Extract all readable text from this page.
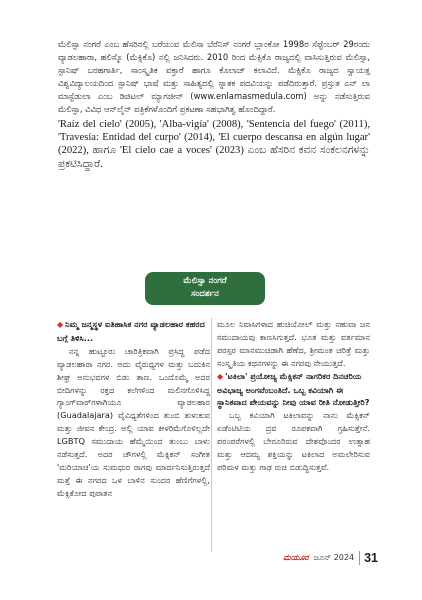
ಮೆಲಿಸ್ಸಾ ನಂಗರೆ ಎಂಬ ಹೆಸರಿನಲ್ಲಿ ಬರೆಯುವ ಮೆಲಿಸಾ ಬೆರೆನಿಸ್ ನಂಗರೆ ಬ್ಲಾಂಕೋ 1998ರ ಸೆಪ್ಟೆಂಬರ್ 29ರಂದು ವ್ಯಾಡಲಹಾರಾ, ಹಲಿಸ್ಕೊ (ಮೆಕ್ಸಿಕೊ) ನಲ್ಲಿ ಜನಿಸಿದರು. 2010 ರಿಂದ ಮೆಕ್ಸಿಕೊ ರಾಜ್ಯದಲ್ಲಿ ವಾಸಿಸುತ್ತಿರುವ ಮೆಲಿಸ್ಸಾ, ಸ್ಪಾನಿಷ್ ಬರಹಗಾರ್ತಿ, ಸಾಂಸ್ಕೃತಿಕ ವಕ್ತಾರೆ ಹಾಗೂ ಕೊಲಾಜ್ ಕಲಾವಿದೆ. ಮೆಕ್ಸಿಕೊ ರಾಜ್ಯದ ಸ್ವಾಯತ್ತ ವಿಶ್ವವಿದ್ಯಾಲಯದಿಂದ ಸ್ಪಾನಿಷ್ ಭಾಷೆ ಮತ್ತು ಸಾಹಿತ್ಯದಲ್ಲಿ ಸ್ನಾತಕ ಪದವಿಯನ್ನು ಪಡೆದಿರುತ್ತಾರೆ. ಪ್ರಸ್ತುತ ಎನ್ ಲಾ ಮಾಸ್ಟೆಡುಲಾ ಎಂಬ ಡಿಜಿಟಲ್ ಮ್ಯಾಗಜೀನ್ (www.enlamasmedula.com) ಅನ್ನು ನಡೆಸುತ್ತಿರುವ ಮೆಲಿಸ್ಸಾ, ವಿವಿಧ ಆನ್‌ಲೈನ್ ಪತ್ರಿಕೆಗಳೊಂದಿಗೆ ಪ್ರಕಟಣಾ ಸಹಭಾಗಿತ್ವ ಹೊಂದಿದ್ದಾರೆ.

'Raíz del cielo' (2005), 'Alba-vigía' (2008), 'Sentencia del fuego' (2011), 'Travesía: Entidad del curpo' (2014), 'El cuerpo descansa en algún lugar' (2022), ಹಾಗೂ 'El cielo cae a voces' (2023) ಎಂಬ ಹೆಸರಿನ ಕವನ ಸಂಕಲನಗಳನ್ನು ಪ್ರಕಟಿಸಿದ್ದಾರೆ.

ಮೆಲಿಸ್ಸಾ ನಂಗರೆ
ಸಂದರ್ಶನ

◆ ನಿಮ್ಮ ಜನ್ಮಸ್ಥಳ ಐತಿಹಾಸಿಕ ನಗರ ವ್ಯಾಡಲಹಾರ ಕಹರದ ಬಗ್ಗೆ ತಿಳಿಸಿ...

ನನ್ನ ಹುಟ್ಟೂರು ಚಾರಿತ್ರಿಕವಾಗಿ ಪ್ರಸಿದ್ಧ ಪಡೆದ ವ್ಯಾಡಲಹಾರಾ ನಗರ. ಅದು ವೈರುಧ್ಯಗಳ ಮತ್ತು ಬದುಕಿನ ಶೀಘ್ರ ಅನುಭವಗಳ ಬಿಡು ತಾಣ. ಒಂದೊಮ್ಮೆ ಅದರ ಬೀದಿಗಳನ್ನು ರಕ್ತದ ಕಲೆಗಳಿಂದ ಮಲಿನಗೊಳಿಸಿದ್ದ ಗ್ಯಾಂಗ್‌ವಾರ್‌ಗಳಾಗಿಯೂ ವ್ಯಾಡಲಹಾರ (Guadalajara) ವೈವಿಧ್ಯತೆಗಳಿಂದ ತುಂಬಿ ತುಳುಕುವ ಮತ್ತು ಜೀವನ ಕೇಂದ್ರ. ಅಲ್ಲಿ ಯಾವ ಕೀಳರಿಮೆಗೊಳಿಲ್ಲದೇ LGBTQ ಸಮುದಾಯ ಹೆಮ್ಮೆಯಿಂದ ತುಂಬು ಬಾಳು ನಡೆಸುತ್ತದೆ. ಅದರ ಚೌಗಳಲ್ಲಿ ಮೆಕ್ಸಿಕನ್ ಸಂಗೀತ 'ಮರಿಯಾಚಿ'ಯ ಸುಮಧುರ ರಾಗವು ಮಾರ್ದನಿಸುತ್ತಿರುತ್ತದೆ ಮತ್ತೆ ಈ ನಗರದ ಒಳ ಬಾಳಿನ ಸುಂದರ ಹೆಣಿಗೆಗಳಲ್ಲಿ, ಮೆಕ್ಸಿಕೋದ ಪುರಾತನ

ಮೂಲ ನಿವಾಸಿಗಳಾದ ಹುಚಿಯೋಲ್ ಮತ್ತು ನಹುವಾ ಜನ ಸಮುದಾಯವು ಕಾಣಸಿಗುತ್ತದೆ. ಭೂತ ಮತ್ತು ವರ್ತಮಾನ ಪರಸ್ಪರ ಮಾನಮುಚಿಡಾಗಿ ಹೆಣೆದ, ಶ್ರೀಮಂತ ಚರಿತ್ರೆ ಮತ್ತು ಸಂಸ್ಕೃತಿಯ ಕಥನಗಳನ್ನು ಈ ನಗರವು ನೇಯುತ್ತದೆ.

◆ 'ಟಕಿಲಾ' ಪ್ರಯೋಜ್ಯ ಮೆಕ್ಸಿಕನ್ ನಾಗರಿಕರ ದಿನಚರಿಯ ಅವಿಭಾಜ್ಯ ಅಂಗವೆಂಬಂತಿದೆ. ಒಬ್ಬ ಕವಿಯಾಗಿ ಈ ಸ್ಥಾನಿಕವಾದ ಪೇಯವನ್ನು ನೀವು ಯಾವ ರೀತಿ ನೋಡುತ್ತೀರಿ?

ಒಬ್ಬ ಕವಿಯಾಗಿ ಟಕಿಲಾವನ್ನು ನಾನು ಮೆಕ್ಸಿಕನ್ ಏಡೆಂಟಿಟಿಯ ದ್ರವ ರೂಪಕವಾಗಿ ಗ್ರಹಿಸುತ್ತೇನೆ. ಪರಂಪರೆಗಳಲ್ಲಿ ಬೇರೂರಿರುವ ದೇಶವೊಂದರ ಉತ್ಸಾಹ ಮತ್ತು ಆದಮ್ಯ ಶಕ್ತಿಯನ್ನು ಟಕಿಲಾದ ಅಮಲೇರಿಸುವ ಪರಿಮಳ ಮತ್ತು ಗಾಢ ರುಚಿ ಬಿಡುದ್ದಿಸುತ್ತವೆ.

ಮಯೂರ ಜೂನ್ 2024 31
